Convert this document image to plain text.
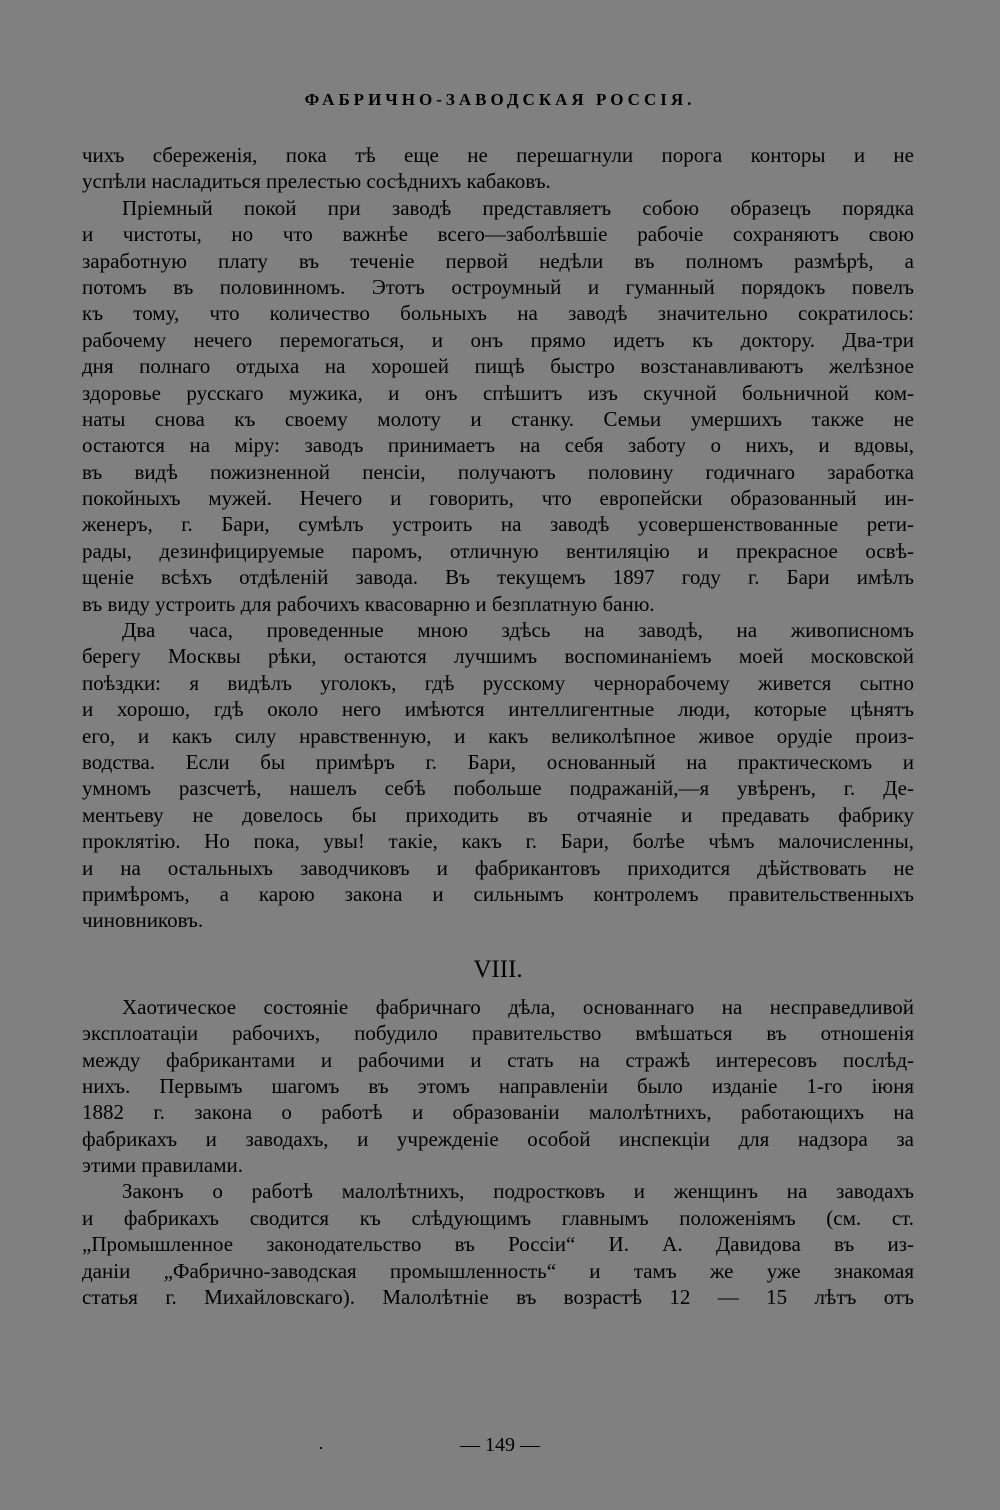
ФАБРИЧНО-ЗАВОДСКАЯ РОССІЯ.
чихъ сбереженія, пока тѣ еще не перешагнули порога конторы и не
успѣли насладиться прелестью сосѣднихъ кабаковъ.
Пріемный покой при заводѣ представляетъ собою образецъ порядка
и чистоты, но что важнѣе всего—заболѣвшіе рабочіе сохраняютъ свою
заработную плату въ теченіе первой недѣли въ полномъ размѣрѣ, а
потомъ въ половинномъ. Этотъ остроумный и гуманный порядокъ повелъ
къ тому, что количество больныхъ на заводѣ значительно сократилось:
рабочему нечего перемогаться, и онъ прямо идетъ къ доктору. Два-три
дня полнаго отдыха на хорошей пищѣ быстро возстанавливаютъ желѣзное
здоровье русскаго мужика, и онъ спѣшитъ изъ скучной больничной ком-
наты снова къ своему молоту и станку. Семьи умершихъ также не
остаются на міру: заводъ принимаетъ на себя заботу о нихъ, и вдовы,
въ видѣ пожизненной пенсіи, получаютъ половину годичнаго заработка
покойныхъ мужей. Нечего и говорить, что европейски образованный ин-
женеръ, г. Бари, сумѣлъ устроить на заводѣ усовершенствованные рети-
рады, дезинфицируемые паромъ, отличную вентиляцію и прекрасное освѣ-
щеніе всѣхъ отдѣленій завода. Въ текущемъ 1897 году г. Бари имѣлъ
въ виду устроить для рабочихъ квасоварню и безплатную баню.
Два часа, проведенные мною здѣсь на заводѣ, на живописномъ
берегу Москвы рѣки, остаются лучшимъ воспоминаніемъ моей московской
поѣздки: я видѣлъ уголокъ, гдѣ русскому чернорабочему живется сытно
и хорошо, гдѣ около него имѣются интеллигентные люди, которые цѣнятъ
его, и какъ силу нравственную, и какъ великолѣпное живое орудіе произ-
водства. Если бы примѣръ г. Бари, основанный на практическомъ и
умномъ разсчетѣ, нашелъ себѣ побольше подражаній,—я увѣренъ, г. Де-
ментьеву не довелось бы приходить въ отчаяніе и предавать фабрику
проклятію. Но пока, увы! такіе, какъ г. Бари, болѣе чѣмъ малочисленны,
и на остальныхъ заводчиковъ и фабрикантовъ приходится дѣйствовать не
примѣромъ, а карою закона и сильнымъ контролемъ правительственныхъ
чиновниковъ.
VIII.
Хаотическое состояніе фабричнаго дѣла, основаннаго на несправедливой
эксплоатаціи рабочихъ, побудило правительство вмѣшаться въ отношенія
между фабрикантами и рабочими и стать на стражѣ интересовъ послѣд-
нихъ. Первымъ шагомъ въ этомъ направленіи было изданіе 1-го іюня
1882 г. закона о работѣ и образованіи малолѣтнихъ, работающихъ на
фабрикахъ и заводахъ, и учрежденіе особой инспекціи для надзора за
этими правилами.
Законъ о работѣ малолѣтнихъ, подростковъ и женщинъ на заводахъ
и фабрикахъ сводится къ слѣдующимъ главнымъ положеніямъ (см. ст.
„Промышленное законодательство въ Россіи“ И. А. Давидова въ из-
даніи „Фабрично-заводская промышленность“ и тамъ же уже знакомая
статья г. Михайловскаго). Малолѣтніе въ возрастѣ 12 — 15 лѣтъ отъ
— 149 —
